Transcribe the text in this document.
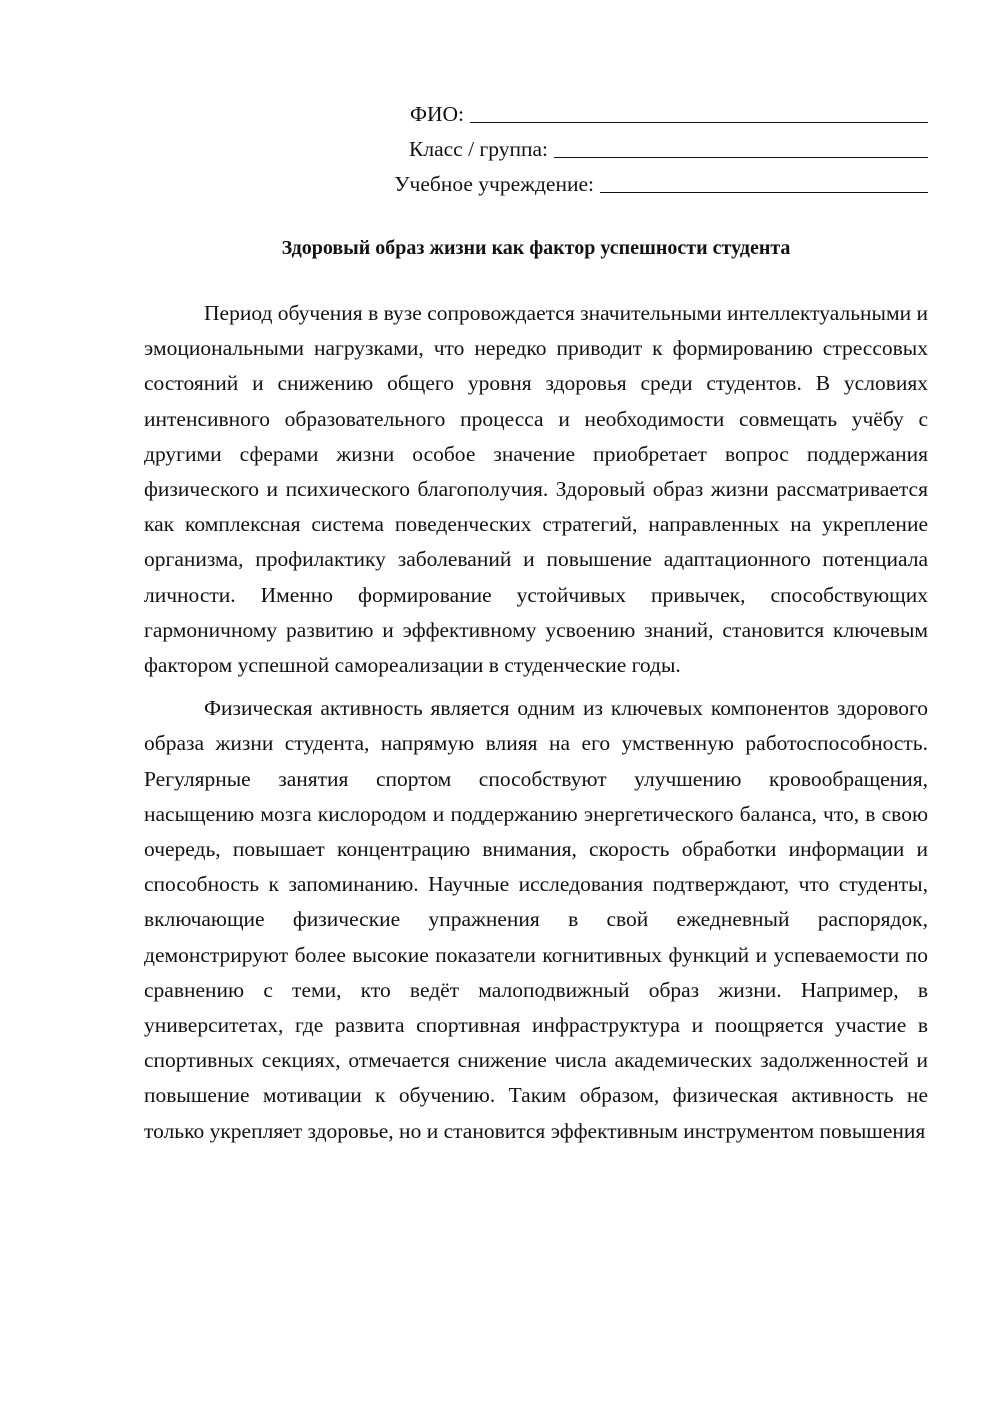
ФИО:
Класс / группа:
Учебное учреждение:
Здоровый образ жизни как фактор успешности студента

Период обучения в вузе сопровождается значительными интеллектуальными и эмоциональными нагрузками, что нередко приводит к формированию стрессовых состояний и снижению общего уровня здоровья среди студентов. В условиях интенсивного образовательного процесса и необходимости совмещать учёбу с другими сферами жизни особое значение приобретает вопрос поддержания физического и психического благополучия. Здоровый образ жизни рассматривается как комплексная система поведенческих стратегий, направленных на укрепление организма, профилактику заболеваний и повышение адаптационного потенциала личности. Именно формирование устойчивых привычек, способствующих гармоничному развитию и эффективному усвоению знаний, становится ключевым фактором успешной самореализации в студенческие годы.

Физическая активность является одним из ключевых компонентов здорового образа жизни студента, напрямую влияя на его умственную работоспособность. Регулярные занятия спортом способствуют улучшению кровообращения, насыщению мозга кислородом и поддержанию энергетического баланса, что, в свою очередь, повышает концентрацию внимания, скорость обработки информации и способность к запоминанию. Научные исследования подтверждают, что студенты, включающие физические упражнения в свой ежедневный распорядок, демонстрируют более высокие показатели когнитивных функций и успеваемости по сравнению с теми, кто ведёт малоподвижный образ жизни. Например, в университетах, где развита спортивная инфраструктура и поощряется участие в спортивных секциях, отмечается снижение числа академических задолженностей и повышение мотивации к обучению. Таким образом, физическая активность не только укрепляет здоровье, но и становится эффективным инструментом повышения
